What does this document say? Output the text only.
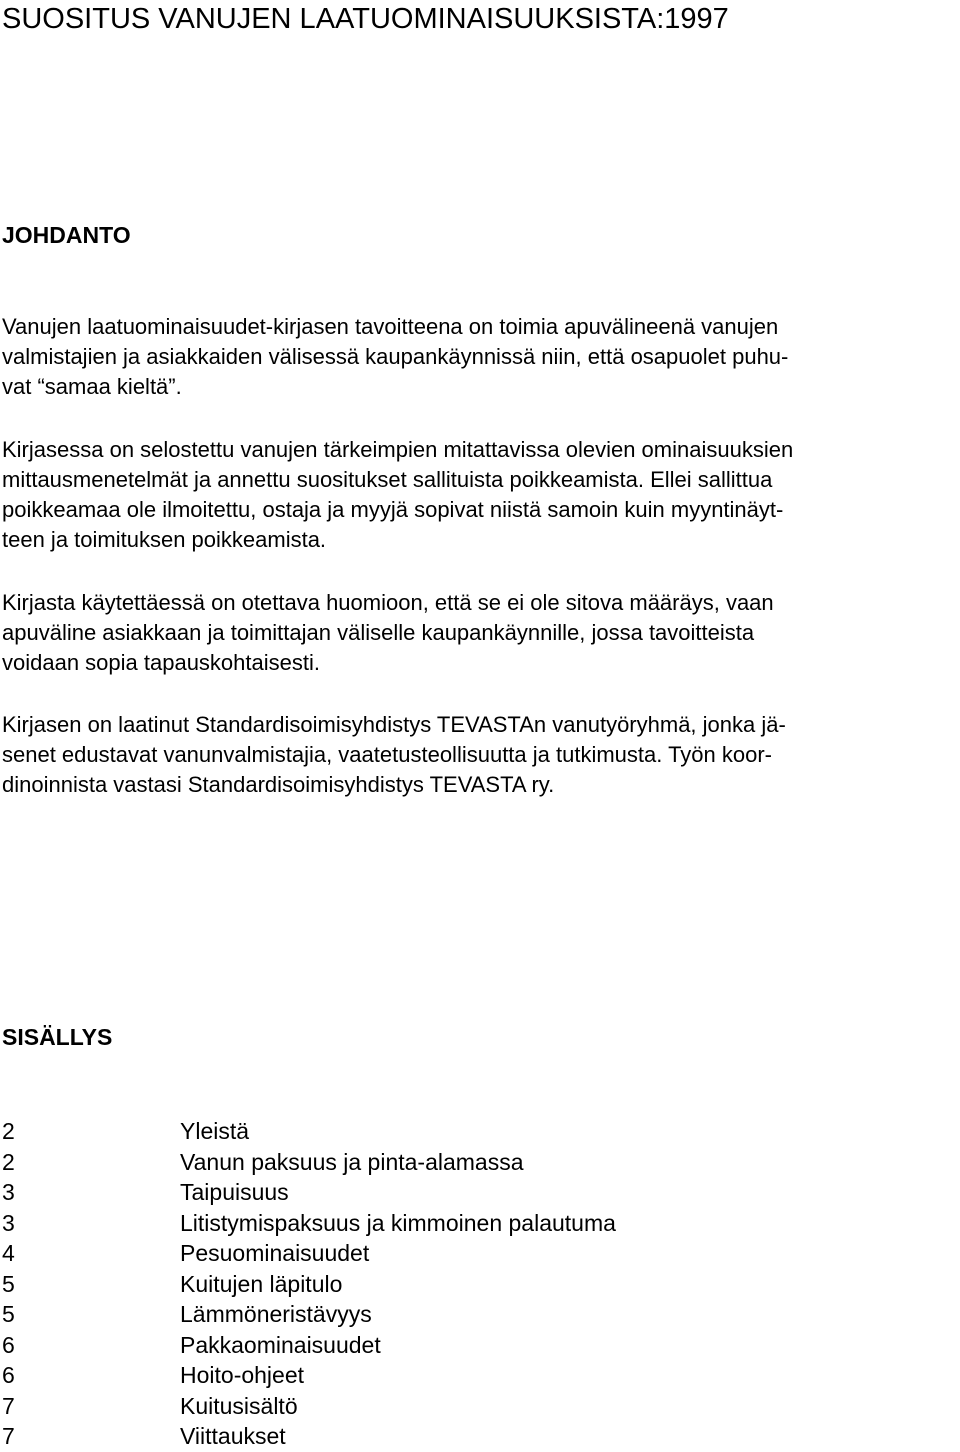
SUOSITUS VANUJEN LAATUOMINAISUUKSISTA:1997
JOHDANTO

Vanujen laatuominaisuudet-kirjasen tavoitteena on toimia apuvälineenä vanujen
valmistajien ja asiakkaiden välisessä kaupankäynnissä niin, että osapuolet puhu-
vat “samaa kieltä”.

Kirjasessa on selostettu vanujen tärkeimpien mitattavissa olevien ominaisuuksien
mittausmenetelmät ja annettu suositukset sallituista poikkeamista. Ellei sallittua
poikkeamaa ole ilmoitettu, ostaja ja myyjä sopivat niistä samoin kuin myyntinäyt-
teen ja toimituksen poikkeamista.

Kirjasta käytettäessä on otettava huomioon, että se ei ole sitova määräys, vaan
apuväline asiakkaan ja toimittajan väliselle kaupankäynnille, jossa tavoitteista
voidaan sopia tapauskohtaisesti.

Kirjasen on laatinut Standardisoimisyhdistys TEVASTAn vanutyöryhmä, jonka jä-
senet edustavat vanunvalmistajia, vaatetusteollisuutta ja tutkimusta. Työn koor-
dinoinnista vastasi Standardisoimisyhdistys TEVASTA ry.

SISÄLLYS
2	Yleistä
2	Vanun paksuus ja pinta-alamassa
3	Taipuisuus
3	Litistymispaksuus ja kimmoinen palautuma
4	Pesuominaisuudet
5	Kuitujen läpitulo
5	Lämmöneristävyys
6	Pakkaominaisuudet
6	Hoito-ohjeet
7	Kuitusisältö
7	Viittaukset
